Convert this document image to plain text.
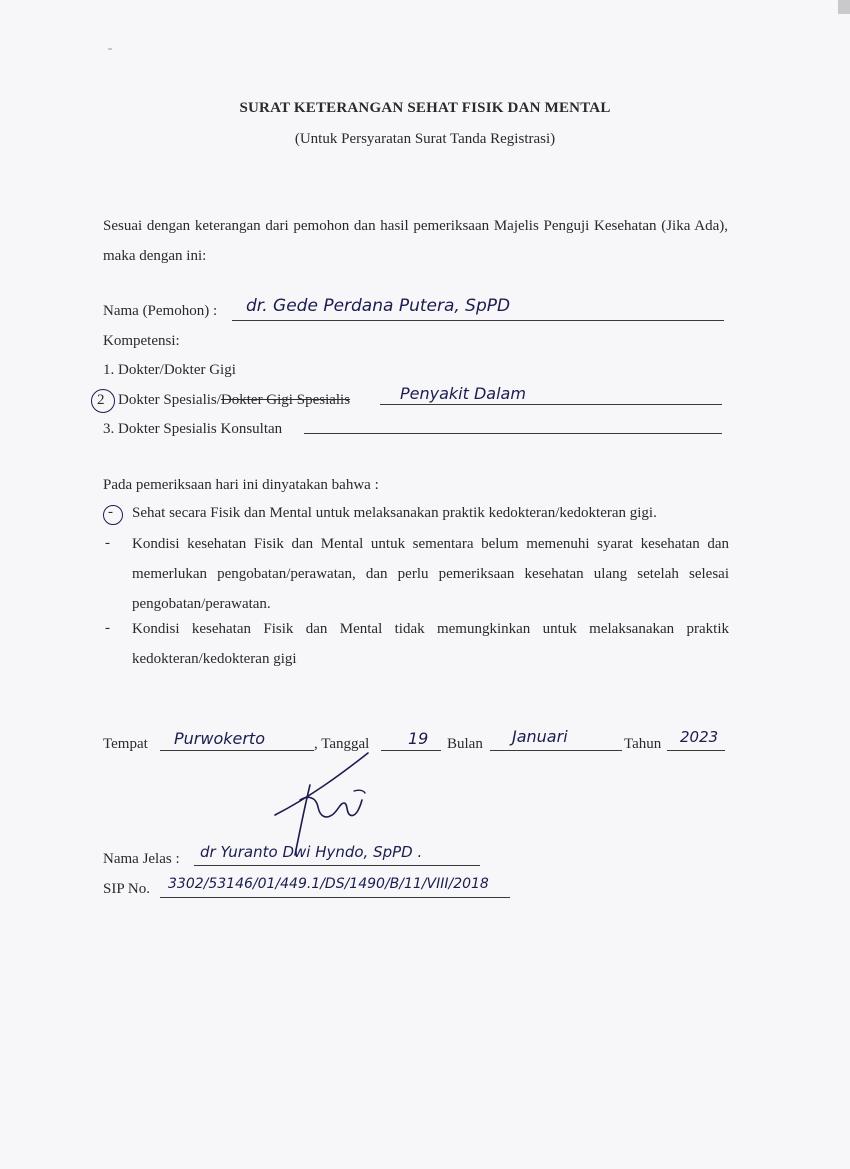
SURAT KETERANGAN SEHAT FISIK DAN MENTAL
(Untuk Persyaratan Surat Tanda Registrasi)
Sesuai dengan keterangan dari pemohon dan hasil pemeriksaan Majelis Penguji Kesehatan (Jika Ada), maka dengan ini:
Nama (Pemohon) : dr. Gede Perdana Putera, SpPD
Kompetensi:
1. Dokter/Dokter Gigi
2 Dokter Spesialis/Dokter Gigi Spesialis	Penyakit Dalam
3. Dokter Spesialis Konsultan
Pada pemeriksaan hari ini dinyatakan bahwa :
- Sehat secara Fisik dan Mental untuk melaksanakan praktik kedokteran/kedokteran gigi.
- Kondisi kesehatan Fisik dan Mental untuk sementara belum memenuhi syarat kesehatan dan memerlukan pengobatan/perawatan, dan perlu pemeriksaan kesehatan ulang setelah selesai pengobatan/perawatan.
- Kondisi kesehatan Fisik dan Mental tidak memungkinkan untuk melaksanakan praktik kedokteran/kedokteran gigi
Tempat Purwokerto	, Tanggal 19 Bulan Januari	Tahun 2023
Nama Jelas : dr Yuranto Dwi Hyndo, SpPD .
SIP No. 3302/53146/01/449.1/DS/1490/B/11/VIII/2018
